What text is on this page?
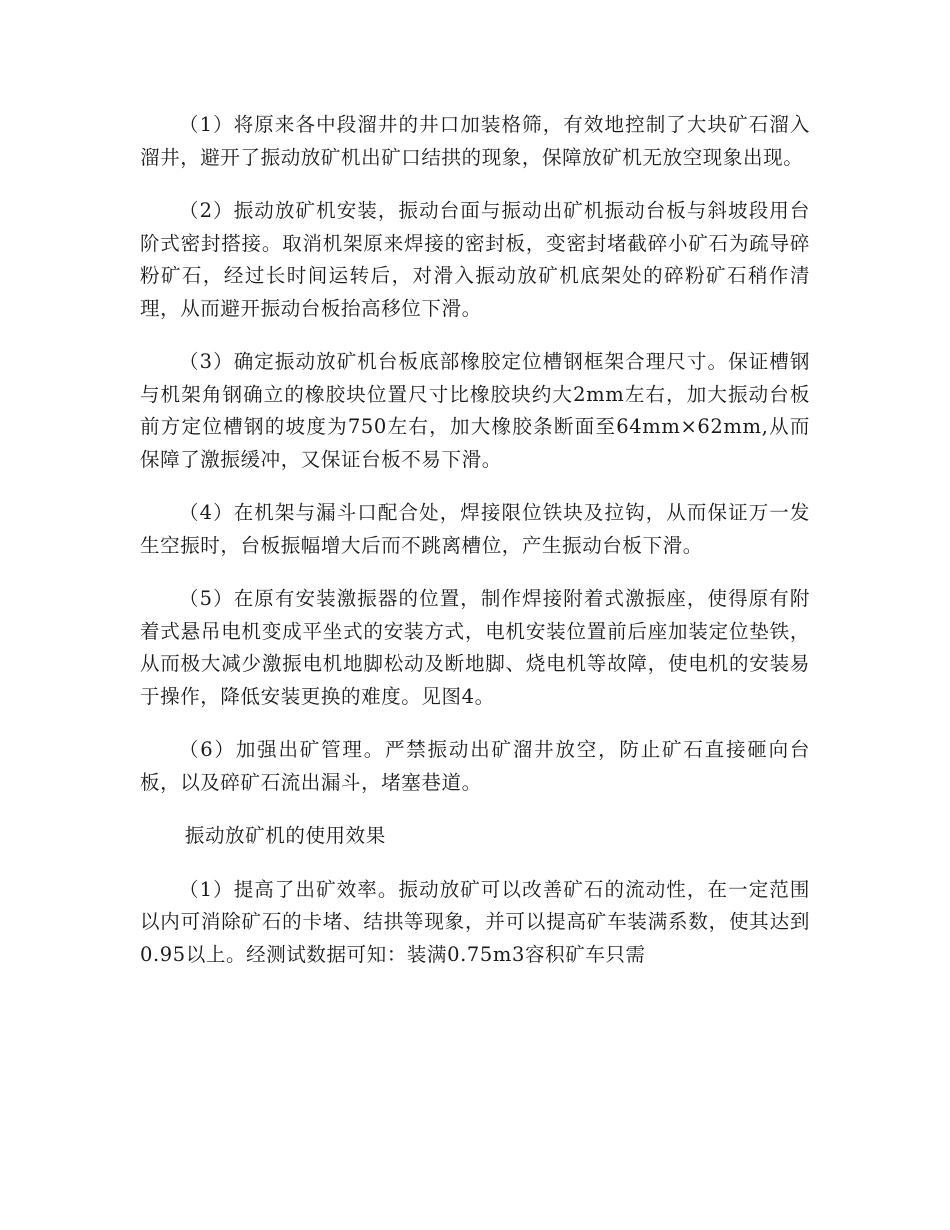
（1）将原来各中段溜井的井口加装格筛，有效地控制了大块矿石溜入溜井，避开了振动放矿机出矿口结拱的现象，保障放矿机无放空现象出现。

（2）振动放矿机安装，振动台面与振动出矿机振动台板与斜坡段用台阶式密封搭接。取消机架原来焊接的密封板，变密封堵截碎小矿石为疏导碎粉矿石，经过长时间运转后，对滑入振动放矿机底架处的碎粉矿石稍作清理，从而避开振动台板抬高移位下滑。

（3）确定振动放矿机台板底部橡胶定位槽钢框架合理尺寸。保证槽钢与机架角钢确立的橡胶块位置尺寸比橡胶块约大2mm左右，加大振动台板前方定位槽钢的坡度为750左右，加大橡胶条断面至64mm×62mm,从而保障了激振缓冲，又保证台板不易下滑。

（4）在机架与漏斗口配合处，焊接限位铁块及拉钩，从而保证万一发生空振时，台板振幅增大后而不跳离槽位，产生振动台板下滑。

（5）在原有安装激振器的位置，制作焊接附着式激振座，使得原有附着式悬吊电机变成平坐式的安装方式，电机安装位置前后座加装定位垫铁，从而极大减少激振电机地脚松动及断地脚、烧电机等故障，使电机的安装易于操作，降低安装更换的难度。见图4。

（6）加强出矿管理。严禁振动出矿溜井放空，防止矿石直接砸向台板，以及碎矿石流出漏斗，堵塞巷道。

振动放矿机的使用效果

（1）提高了出矿效率。振动放矿可以改善矿石的流动性，在一定范围以内可消除矿石的卡堵、结拱等现象，并可以提高矿车装满系数，使其达到0.95以上。经测试数据可知：装满0.75m3容积矿车只需
